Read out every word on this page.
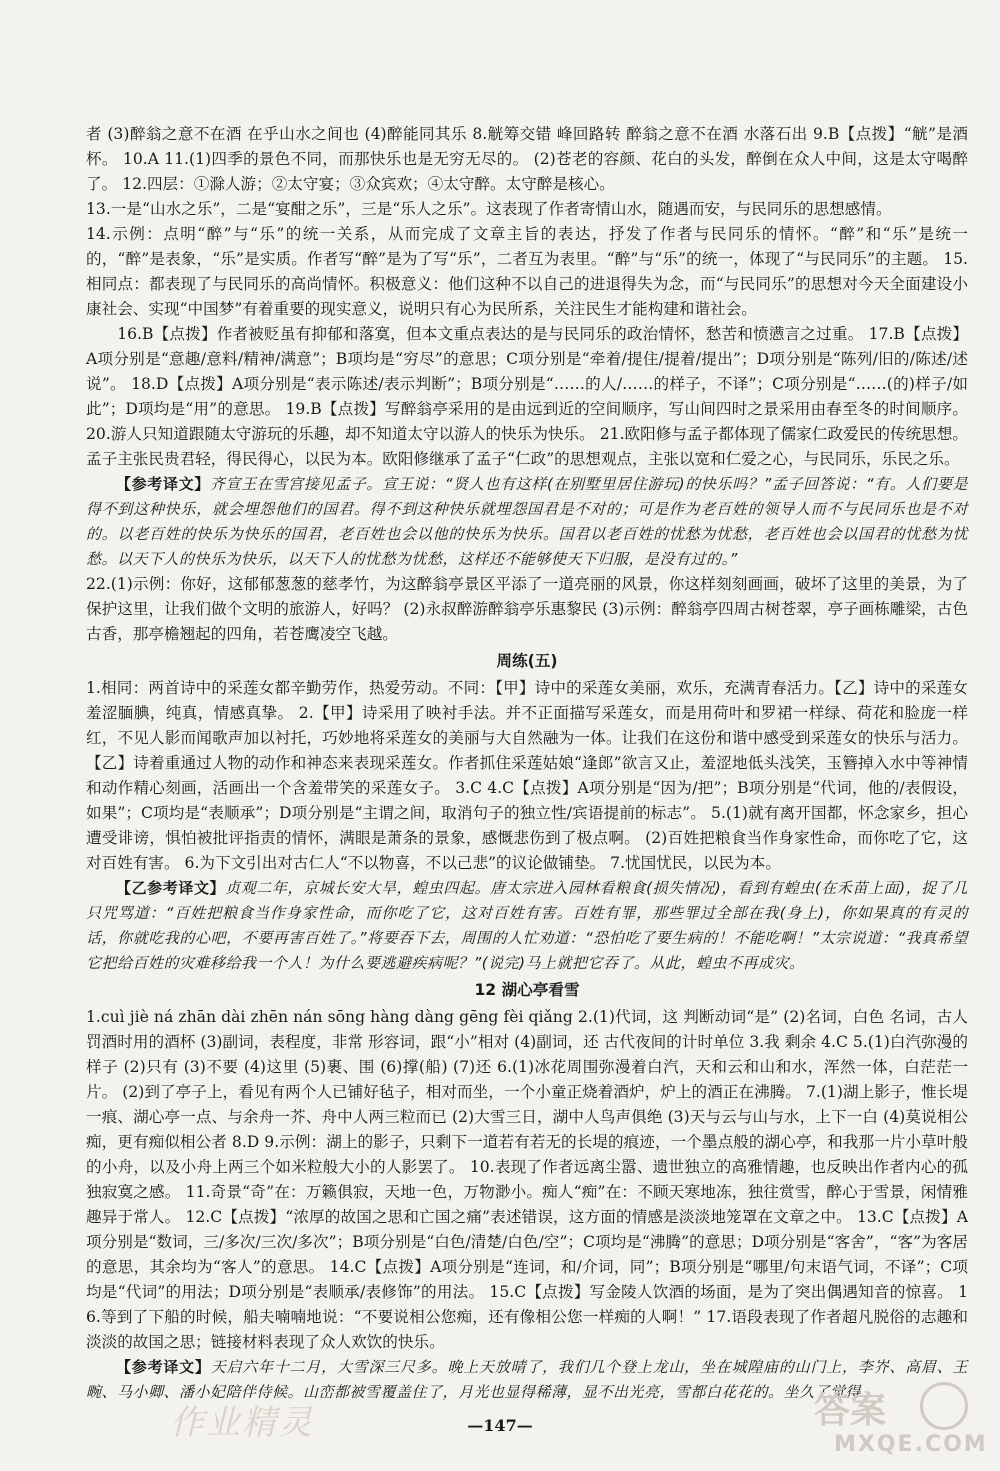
者 (3)醉翁之意不在酒 在乎山水之间也 (4)醉能同其乐 8.觥筹交错 峰回路转 醉翁之意不在酒 水落石出 9.B【点拨】“觥”是酒杯。 10.A 11.(1)四季的景色不同，而那快乐也是无穷无尽的。 (2)苍老的容颜、花白的头发，醉倒在众人中间，这是太守喝醉了。 12.四层：①滁人游；②太守宴；③众宾欢；④太守醉。太守醉是核心。

13.一是“山水之乐”，二是“宴酣之乐”，三是“乐人之乐”。这表现了作者寄情山水，随遇而安，与民同乐的思想感情。

14.示例：点明“醉”与“乐”的统一关系，从而完成了文章主旨的表达，抒发了作者与民同乐的情怀。“醉”和“乐”是统一的，“醉”是表象，“乐”是实质。作者写“醉”是为了写“乐”，二者互为表里。“醉”与“乐”的统一，体现了“与民同乐”的主题。 15.相同点：都表现了与民同乐的高尚情怀。积极意义：他们这种不以自己的进退得失为念，而“与民同乐”的思想对今天全面建设小康社会、实现“中国梦”有着重要的现实意义，说明只有心为民所系，关注民生才能构建和谐社会。

16.B【点拨】作者被贬虽有抑郁和落寞，但本文重点表达的是与民同乐的政治情怀，愁苦和愤懑言之过重。 17.B【点拨】A项分别是“意趣/意料/精神/满意”；B项均是“穷尽”的意思；C项分别是“牵着/提住/提着/提出”；D项分别是“陈列/旧的/陈述/述说”。 18.D【点拨】A项分别是“表示陈述/表示判断”；B项分别是“……的人/……的样子，不译”；C项分别是“……(的)样子/如此”；D项均是“用”的意思。 19.B【点拨】写醉翁亭采用的是由远到近的空间顺序，写山间四时之景采用由春至冬的时间顺序。 20.游人只知道跟随太守游玩的乐趣，却不知道太守以游人的快乐为快乐。 21.欧阳修与孟子都体现了儒家仁政爱民的传统思想。孟子主张民贵君轻，得民得心，以民为本。欧阳修继承了孟子“仁政”的思想观点，主张以宽和仁爱之心，与民同乐，乐民之乐。

【参考译文】齐宣王在雪宫接见孟子。宣王说：“贤人也有这样(在别墅里居住游玩)的快乐吗？”孟子回答说：“有。人们要是得不到这种快乐，就会埋怨他们的国君。得不到这种快乐就埋怨国君是不对的；可是作为老百姓的领导人而不与民同乐也是不对的。以老百姓的快乐为快乐的国君，老百姓也会以他的快乐为快乐。国君以老百姓的忧愁为忧愁，老百姓也会以国君的忧愁为忧愁。以天下人的快乐为快乐，以天下人的忧愁为忧愁，这样还不能够使天下归服，是没有过的。”

22.(1)示例：你好，这郁郁葱葱的慈孝竹，为这醉翁亭景区平添了一道亮丽的风景，你这样刻刻画画，破坏了这里的美景，为了保护这里，让我们做个文明的旅游人，好吗？ (2)永叔醉游醉翁亭乐惠黎民 (3)示例：醉翁亭四周古树苍翠，亭子画栋雕梁，古色古香，那亭檐翘起的四角，若苍鹰凌空飞越。

周练(五)

1.相同：两首诗中的采莲女都辛勤劳作，热爱劳动。不同：【甲】诗中的采莲女美丽，欢乐，充满青春活力。【乙】诗中的采莲女羞涩腼腆，纯真，情感真挚。 2.【甲】诗采用了映衬手法。并不正面描写采莲女，而是用荷叶和罗裙一样绿、荷花和脸庞一样红，不见人影而闻歌声加以衬托，巧妙地将采莲女的美丽与大自然融为一体。让我们在这份和谐中感受到采莲女的快乐与活力。【乙】诗着重通过人物的动作和神态来表现采莲女。作者抓住采莲姑娘“逢郎”欲言又止，羞涩地低头浅笑，玉簪掉入水中等神情和动作精心刻画，活画出一个含羞带笑的采莲女子。 3.C 4.C【点拨】A项分别是“因为/把”；B项分别是“代词，他的/表假设，如果”；C项均是“表顺承”；D项分别是“主谓之间，取消句子的独立性/宾语提前的标志”。 5.(1)就有离开国都，怀念家乡，担心遭受诽谤，惧怕被批评指责的情怀，满眼是萧条的景象，感慨悲伤到了极点啊。 (2)百姓把粮食当作身家性命，而你吃了它，这对百姓有害。 6.为下文引出对古仁人“不以物喜，不以己悲”的议论做铺垫。 7.忧国忧民，以民为本。

【乙参考译文】贞观二年，京城长安大旱，蝗虫四起。唐太宗进入园林看粮食(损失情况)，看到有蝗虫(在禾苗上面)，捉了几只咒骂道：“百姓把粮食当作身家性命，而你吃了它，这对百姓有害。百姓有罪，那些罪过全部在我(身上)，你如果真的有灵的话，你就吃我的心吧，不要再害百姓了。”将要吞下去，周围的人忙劝道：“恐怕吃了要生病的！不能吃啊！”太宗说道：“我真希望它把给百姓的灾难移给我一个人！为什么要逃避疾病呢？”(说完)马上就把它吞了。从此，蝗虫不再成灾。

12 湖心亭看雪

1.cuì jiè ná zhān dài zhēn nán sōng hàng dàng gēng fèi qiǎng 2.(1)代词，这 判断动词“是” (2)名词，白色 名词，古人罚酒时用的酒杯 (3)副词，表程度，非常 形容词，跟“小”相对 (4)副词，还 古代夜间的计时单位 3.我 剩余 4.C 5.(1)白汽弥漫的样子 (2)只有 (3)不要 (4)这里 (5)裹、围 (6)撑(船) (7)还 6.(1)冰花周围弥漫着白汽，天和云和山和水，浑然一体，白茫茫一片。 (2)到了亭子上，看见有两个人已铺好毡子，相对而坐，一个小童正烧着酒炉，炉上的酒正在沸腾。 7.(1)湖上影子，惟长堤一痕、湖心亭一点、与余舟一芥、舟中人两三粒而已 (2)大雪三日，湖中人鸟声俱绝 (3)天与云与山与水，上下一白 (4)莫说相公痴，更有痴似相公者 8.D 9.示例：湖上的影子，只剩下一道若有若无的长堤的痕迹，一个墨点般的湖心亭，和我那一片小草叶般的小舟，以及小舟上两三个如米粒般大小的人影罢了。 10.表现了作者远离尘嚣、遗世独立的高雅情趣，也反映出作者内心的孤独寂寞之感。 11.奇景“奇”在：万籁俱寂，天地一色，万物渺小。痴人“痴”在：不顾天寒地冻，独往赏雪，醉心于雪景，闲情雅趣异于常人。 12.C【点拨】“浓厚的故国之思和亡国之痛”表述错误，这方面的情感是淡淡地笼罩在文章之中。 13.C【点拨】A项分别是“数词，三/多次/三次/多次”；B项分别是“白色/清楚/白色/空”；C项均是“沸腾”的意思；D项分别是“客舍”，“客”为客居的意思，其余均为“客人”的意思。 14.C【点拨】A项分别是“连词，和/介词，同”；B项分别是“哪里/句末语气词，不译”；C项均是“代词”的用法；D项分别是“表顺承/表修饰”的用法。 15.C【点拨】写金陵人饮酒的场面，是为了突出偶遇知音的惊喜。 16.等到了下船的时候，船夫喃喃地说：“不要说相公您痴，还有像相公您一样痴的人啊！” 17.语段表现了作者超凡脱俗的志趣和淡淡的故国之思；链接材料表现了众人欢饮的快乐。

【参考译文】天启六年十二月，大雪深三尺多。晚上天放晴了，我们几个登上龙山，坐在城隍庙的山门上，李岕、高眉、王畹、马小卿、潘小妃陪伴侍候。山峦都被雪覆盖住了，月光也显得稀薄，显不出光亮，雪都白花花的。坐久了觉得

作业精灵	—147—	答案
MXQE.COM
